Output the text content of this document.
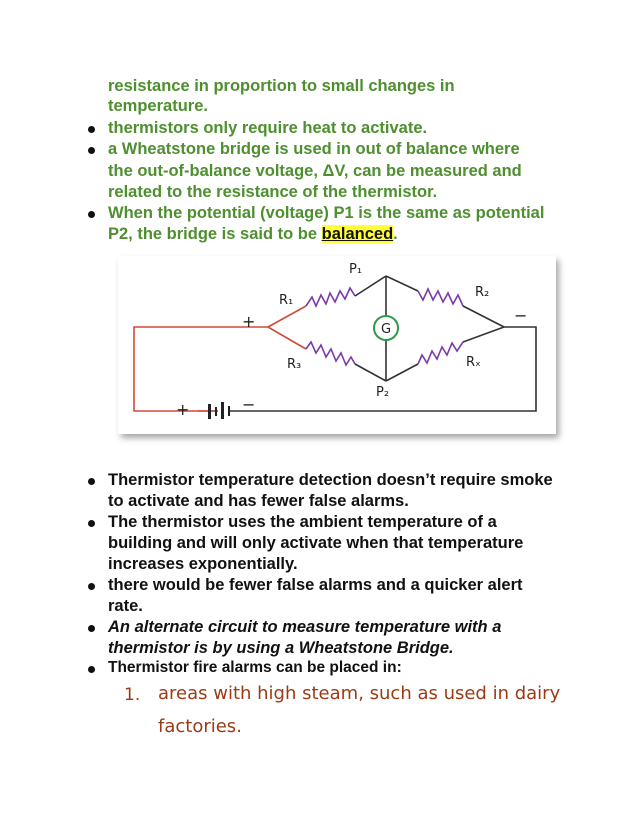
resistance in proportion to small changes in
temperature.
thermistors only require heat to activate.
a Wheatstone bridge is used in out of balance where
the out-of-balance voltage, ΔV, can be measured and
related to the resistance of the thermistor.
When the potential (voltage) P1 is the same as potential
P2, the bridge is said to be balanced.
G
P₁
P₂
R₁
R₂
R₃	Rₓ
+	−
+	−
Thermistor temperature detection doesn’t require smoke
to activate and has fewer false alarms.
The thermistor uses the ambient temperature of a
building and will only activate when that temperature
increases exponentially.
there would be fewer false alarms and a quicker alert
rate.
An alternate circuit to measure temperature with a
thermistor is by using a Wheatstone Bridge.
Thermistor fire alarms can be placed in:
1. areas with high steam, such as used in dairy
factories.
